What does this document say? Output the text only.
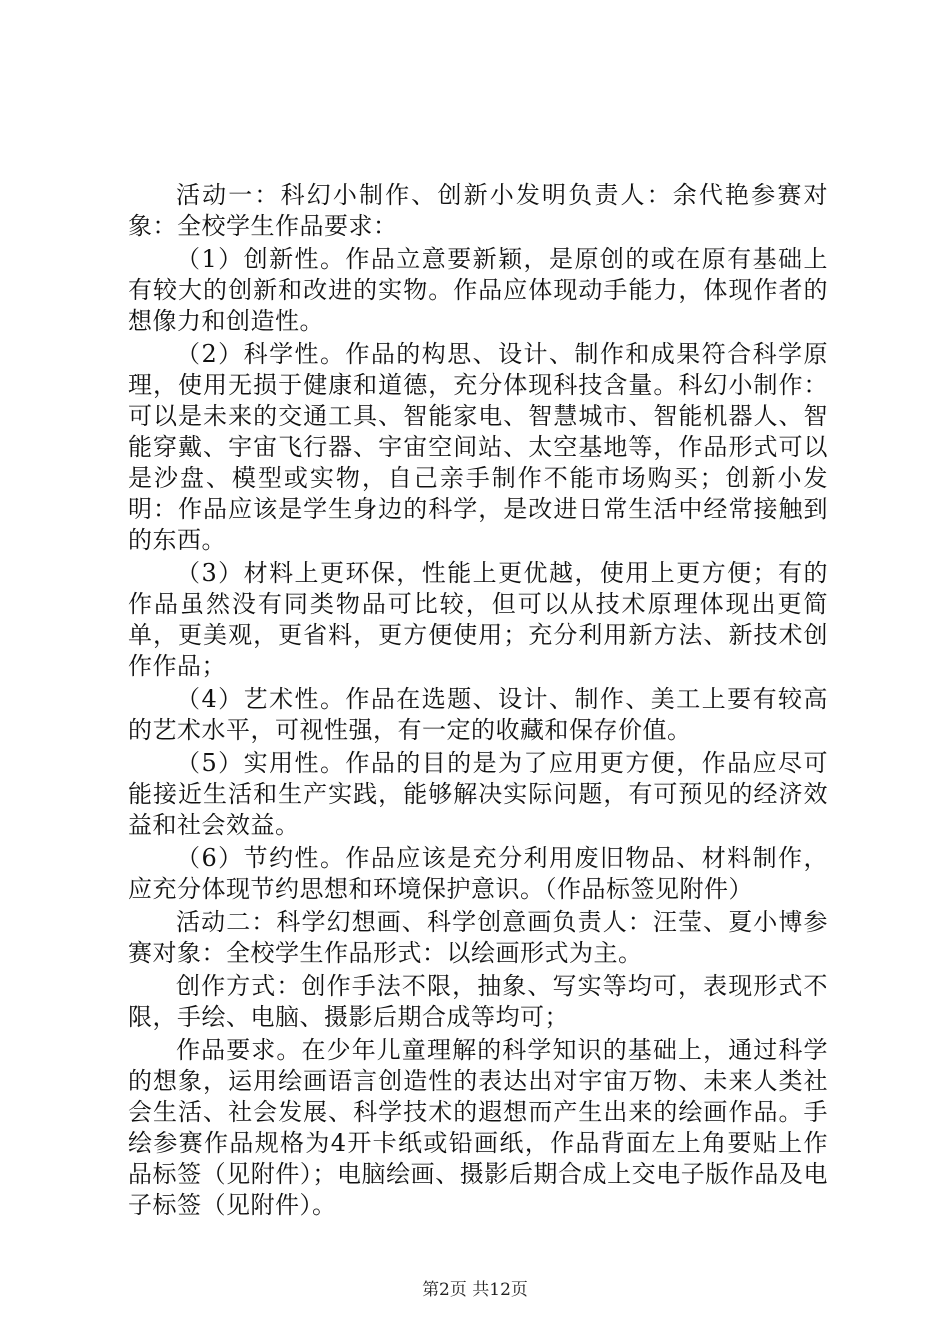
活动一：科幻小制作、创新小发明负责人：余代艳参赛对象：全校学生作品要求：

（1）创新性。作品立意要新颖，是原创的或在原有基础上有较大的创新和改进的实物。作品应体现动手能力，体现作者的想像力和创造性。

（2）科学性。作品的构思、设计、制作和成果符合科学原理，使用无损于健康和道德，充分体现科技含量。科幻小制作：可以是未来的交通工具、智能家电、智慧城市、智能机器人、智能穿戴、宇宙飞行器、宇宙空间站、太空基地等，作品形式可以是沙盘、模型或实物，自己亲手制作不能市场购买；创新小发明：作品应该是学生身边的科学，是改进日常生活中经常接触到的东西。

（3）材料上更环保，性能上更优越，使用上更方便；有的作品虽然没有同类物品可比较，但可以从技术原理体现出更简单，更美观，更省料，更方便使用；充分利用新方法、新技术创作作品；

（4）艺术性。作品在选题、设计、制作、美工上要有较高的艺术水平，可视性强，有一定的收藏和保存价值。

（5）实用性。作品的目的是为了应用更方便，作品应尽可能接近生活和生产实践，能够解决实际问题，有可预见的经济效益和社会效益。

（6）节约性。作品应该是充分利用废旧物品、材料制作，应充分体现节约思想和环境保护意识。（作品标签见附件）

活动二：科学幻想画、科学创意画负责人：汪莹、夏小博参赛对象：全校学生作品形式：以绘画形式为主。

创作方式：创作手法不限，抽象、写实等均可，表现形式不限，手绘、电脑、摄影后期合成等均可；

作品要求。在少年儿童理解的科学知识的基础上，通过科学的想象，运用绘画语言创造性的表达出对宇宙万物、未来人类社会生活、社会发展、科学技术的遐想而产生出来的绘画作品。手绘参赛作品规格为4开卡纸或铅画纸，作品背面左上角要贴上作品标签（见附件）；电脑绘画、摄影后期合成上交电子版作品及电子标签（见附件）。

第2页 共12页
